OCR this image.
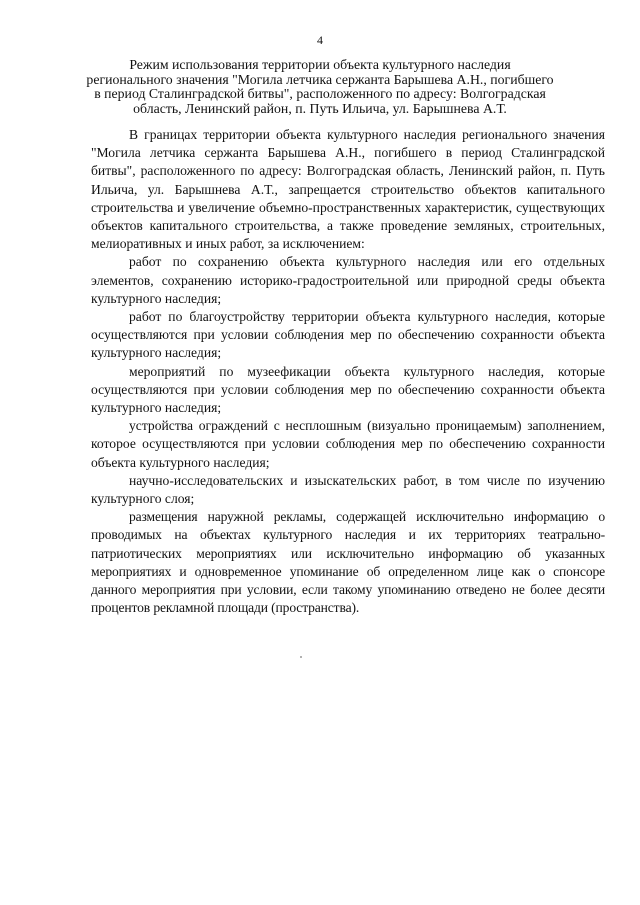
4
Режим использования территории объекта культурного наследия
регионального значения "Могила летчика сержанта Барышева А.Н., погибшего
в период Сталинградской битвы", расположенного по адресу: Волгоградская
область, Ленинский район, п. Путь Ильича, ул. Барышнева А.Т.

В границах территории объекта культурного наследия регионального значения "Могила летчика сержанта Барышева А.Н., погибшего в период Сталинградской битвы", расположенного по адресу: Волгоградская область, Ленинский район, п. Путь Ильича, ул. Барышнева А.Т., запрещается строительство объектов капитального строительства и увеличение объемно-пространственных характеристик, существующих объектов капитального строительства, а также проведение земляных, строительных, мелиоративных и иных работ, за исключением:

работ по сохранению объекта культурного наследия или его отдельных элементов, сохранению историко-градостроительной или природной среды объекта культурного наследия;

работ по благоустройству территории объекта культурного наследия, которые осуществляются при условии соблюдения мер по обеспечению сохранности объекта культурного наследия;

мероприятий по музеефикации объекта культурного наследия, которые осуществляются при условии соблюдения мер по обеспечению сохранности объекта культурного наследия;

устройства ограждений с несплошным (визуально проницаемым) заполнением, которое осуществляются при условии соблюдения мер по обеспечению сохранности объекта культурного наследия;

научно-исследовательских и изыскательских работ, в том числе по изучению культурного слоя;

размещения наружной рекламы, содержащей исключительно информацию о проводимых на объектах культурного наследия и их территориях театрально-патриотических мероприятиях или исключительно информацию об указанных мероприятиях и одновременное упоминание об определенном лице как о спонсоре данного мероприятия при условии, если такому упоминанию отведено не более десяти процентов рекламной площади (пространства).
